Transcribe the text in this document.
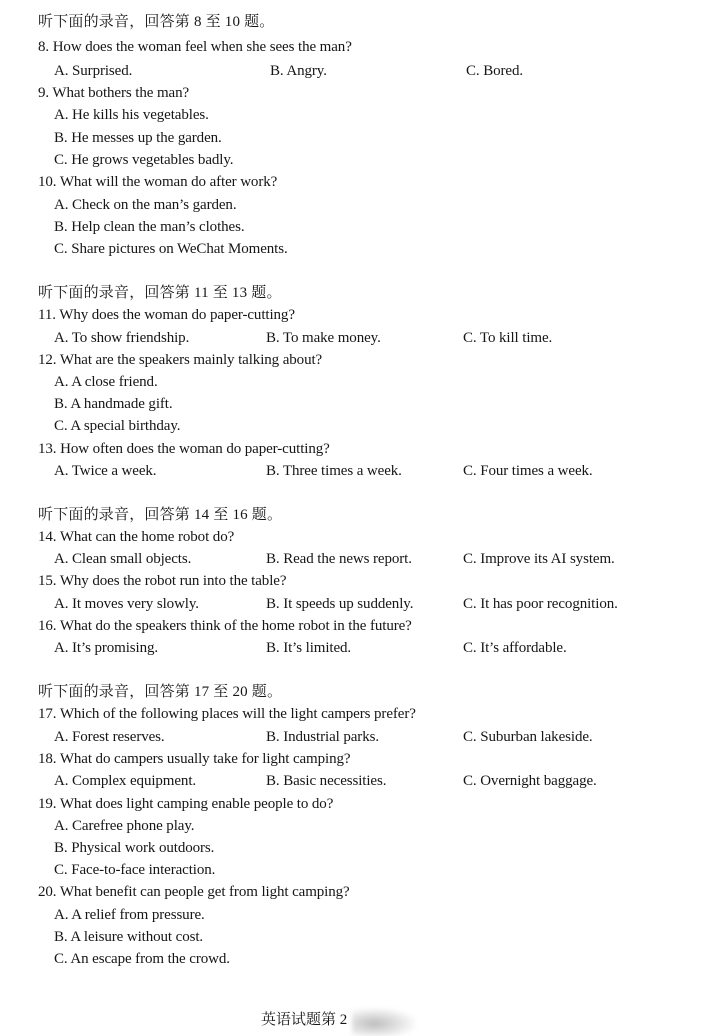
听下面的录音，回答第 8 至 10 题。
8. How does the woman feel when she sees the man?
A. Surprised.	B. Angry.	C. Bored.
9. What bothers the man?
A. He kills his vegetables.
B. He messes up the garden.
C. He grows vegetables badly.
10. What will the woman do after work?
A. Check on the man’s garden.
B. Help clean the man’s clothes.
C. Share pictures on WeChat Moments.
听下面的录音，回答第 11 至 13 题。
11. Why does the woman do paper-cutting?
A. To show friendship.	B. To make money.	C. To kill time.
12. What are the speakers mainly talking about?
A. A close friend.
B. A handmade gift.
C. A special birthday.
13. How often does the woman do paper-cutting?
A. Twice a week.	B. Three times a week.	C. Four times a week.
听下面的录音，回答第 14 至 16 题。
14. What can the home robot do?
A. Clean small objects.	B. Read the news report.	C. Improve its AI system.
15. Why does the robot run into the table?
A. It moves very slowly.	B. It speeds up suddenly.	C. It has poor recognition.
16. What do the speakers think of the home robot in the future?
A. It’s promising.	B. It’s limited.	C. It’s affordable.
听下面的录音，回答第 17 至 20 题。
17. Which of the following places will the light campers prefer?
A. Forest reserves.	B. Industrial parks.	C. Suburban lakeside.
18. What do campers usually take for light camping?
A. Complex equipment.	B. Basic necessities.	C. Overnight baggage.
19. What does light camping enable people to do?
A. Carefree phone play.
B. Physical work outdoors.
C. Face-to-face interaction.
20. What benefit can people get from light camping?
A. A relief from pressure.
B. A leisure without cost.
C. An escape from the crowd.
英语试题第 2
